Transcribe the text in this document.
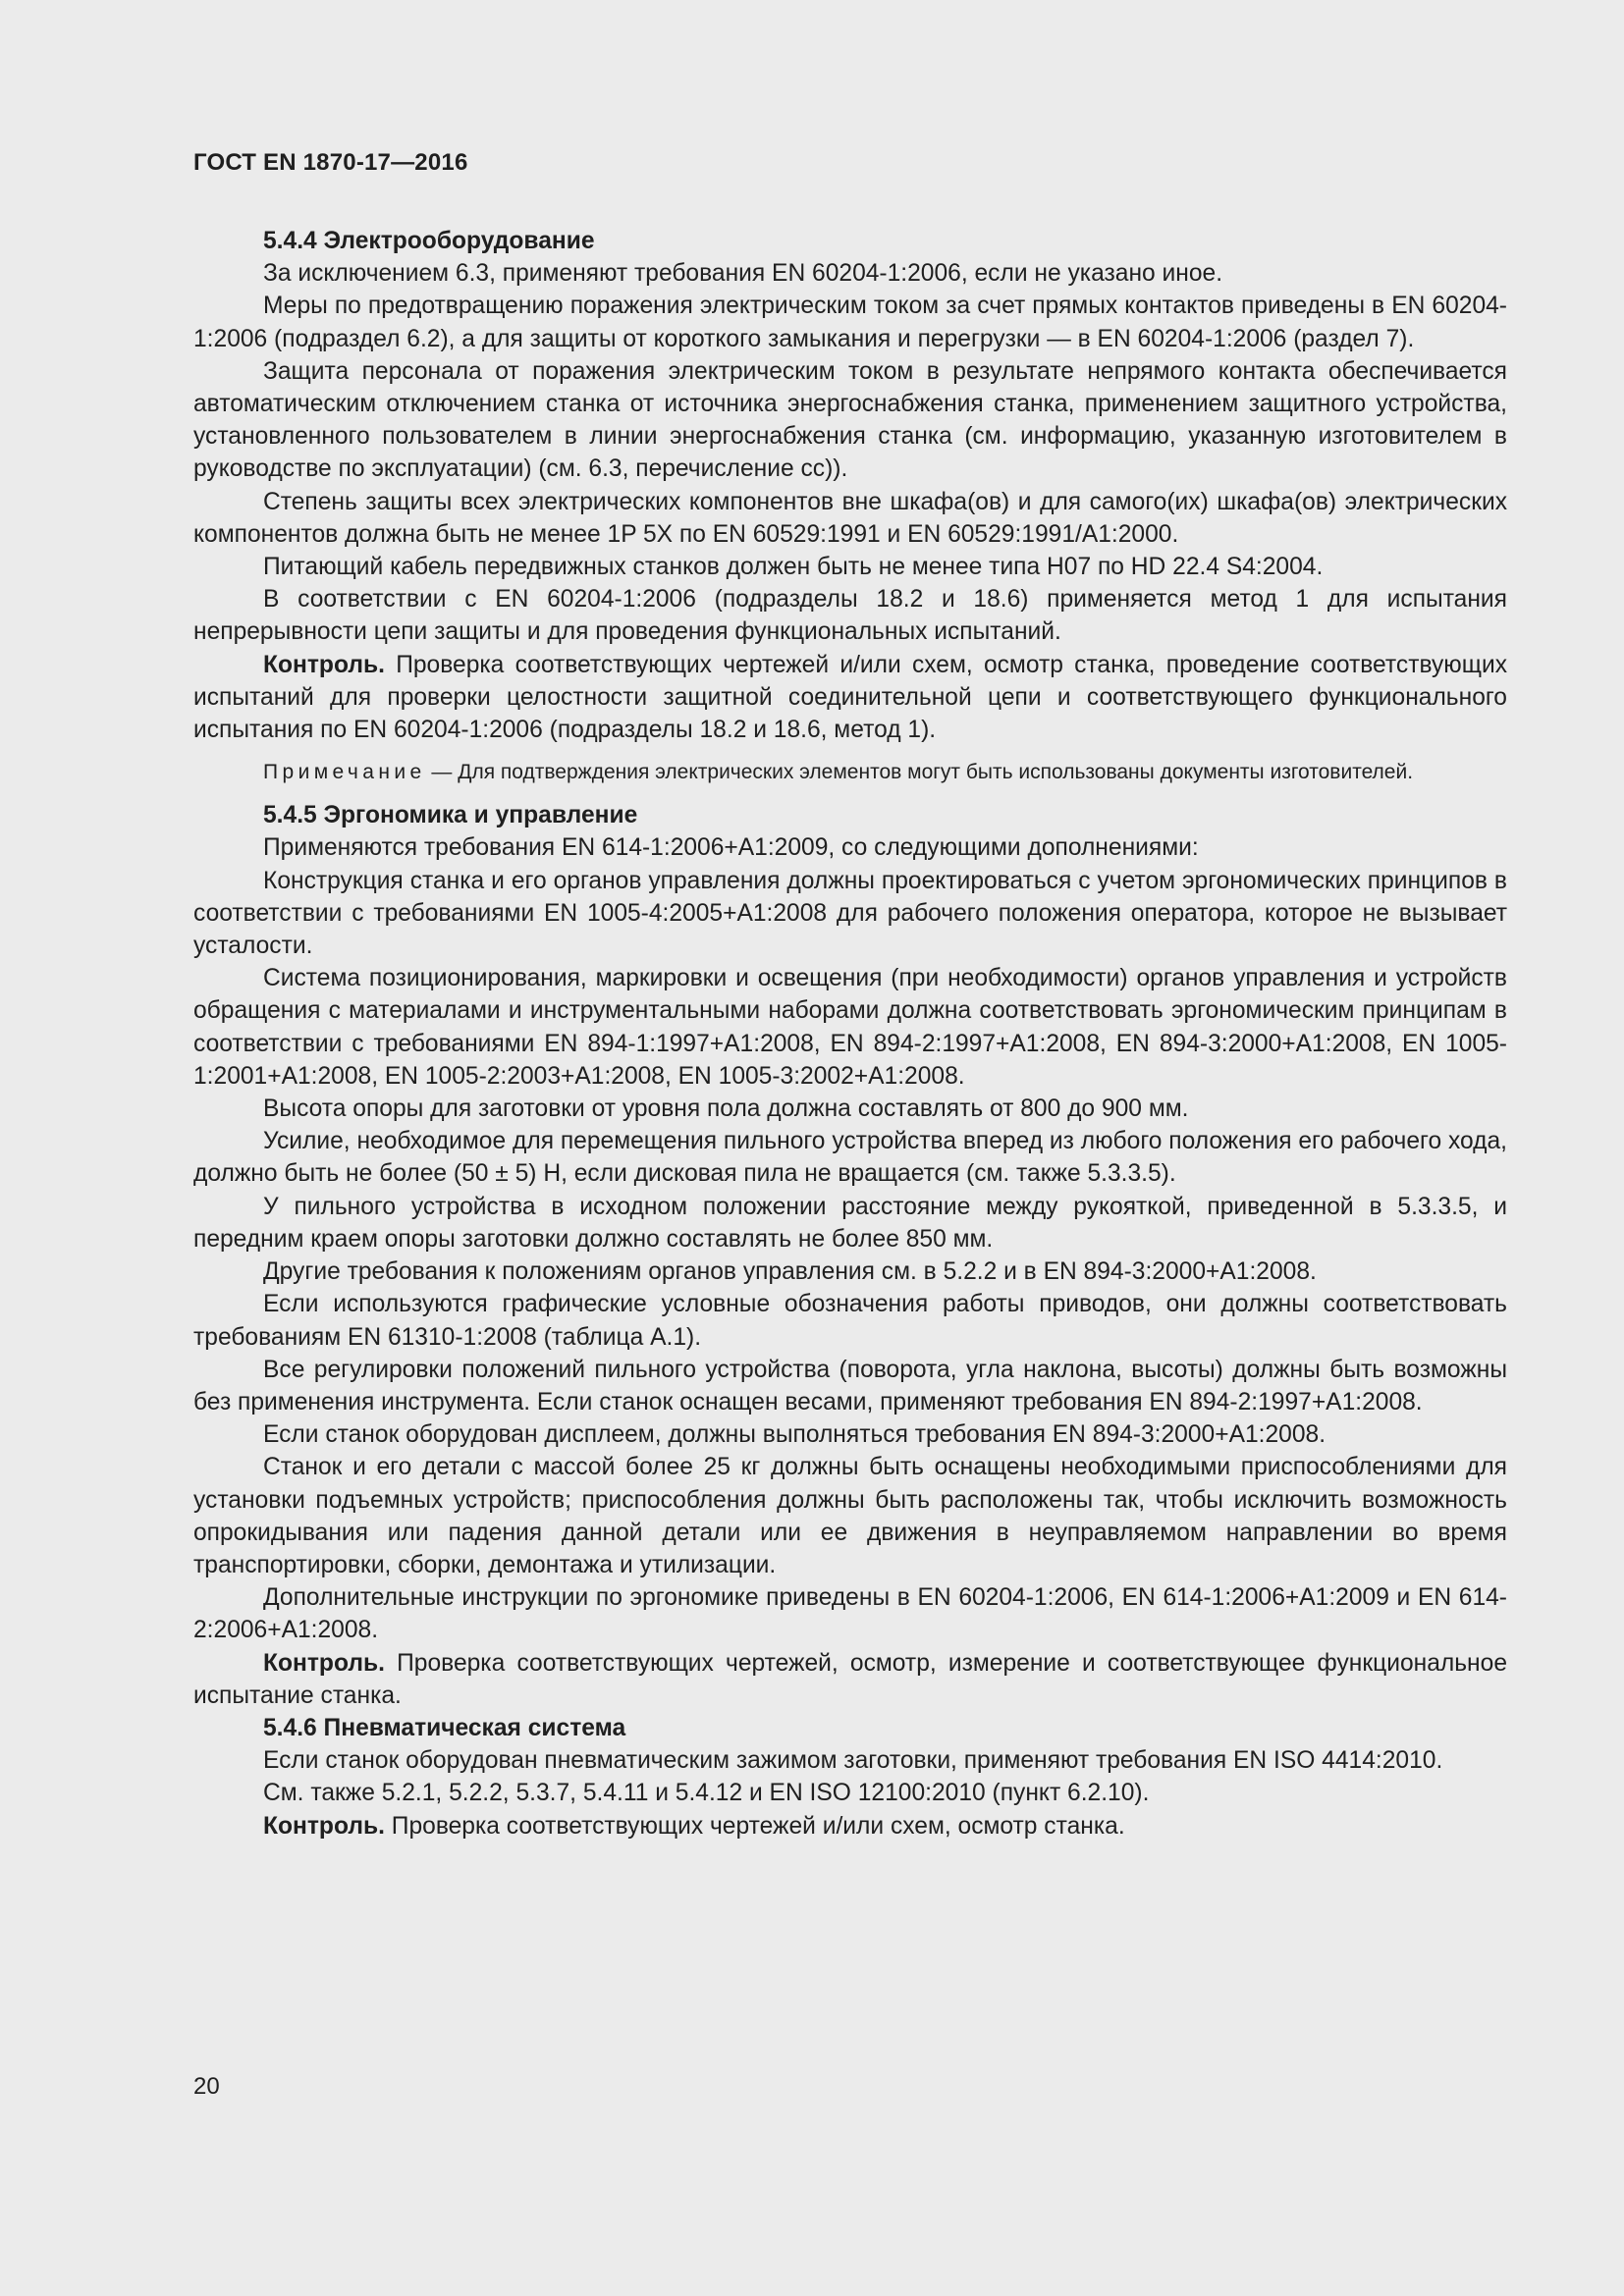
ГОСТ EN 1870-17—2016

5.4.4 Электрооборудование

За исключением 6.3, применяют требования EN 60204-1:2006, если не указано иное.

Меры по предотвращению поражения электрическим током за счет прямых контактов приведены в EN 60204-1:2006 (подраздел 6.2), а для защиты от короткого замыкания и перегрузки — в EN 60204-1:2006 (раздел 7).

Защита персонала от поражения электрическим током в результате непрямого контакта обеспечивается автоматическим отключением станка от источника энергоснабжения станка, применением защитного устройства, установленного пользователем в линии энергоснабжения станка (см. информацию, указанную изготовителем в руководстве по эксплуатации) (см. 6.3, перечисление cc)).

Степень защиты всех электрических компонентов вне шкафа(ов) и для самого(их) шкафа(ов) электрических компонентов должна быть не менее 1P 5X по EN 60529:1991 и EN 60529:1991/A1:2000.

Питающий кабель передвижных станков должен быть не менее типа H07 по HD 22.4 S4:2004.

В соответствии с EN 60204-1:2006 (подразделы 18.2 и 18.6) применяется метод 1 для испытания непрерывности цепи защиты и для проведения функциональных испытаний.

Контроль. Проверка соответствующих чертежей и/или схем, осмотр станка, проведение соответствующих испытаний для проверки целостности защитной соединительной цепи и соответствующего функционального испытания по EN 60204-1:2006 (подразделы 18.2 и 18.6, метод 1).

Примечание — Для подтверждения электрических элементов могут быть использованы документы изготовителей.

5.4.5 Эргономика и управление

Применяются требования EN 614-1:2006+A1:2009, со следующими дополнениями:

Конструкция станка и его органов управления должны проектироваться с учетом эргономических принципов в соответствии с требованиями EN 1005-4:2005+A1:2008 для рабочего положения оператора, которое не вызывает усталости.

Система позиционирования, маркировки и освещения (при необходимости) органов управления и устройств обращения с материалами и инструментальными наборами должна соответствовать эргономическим принципам в соответствии с требованиями EN 894-1:1997+A1:2008, EN 894-2:1997+A1:2008, EN 894-3:2000+A1:2008, EN 1005-1:2001+A1:2008, EN 1005-2:2003+A1:2008, EN 1005-3:2002+A1:2008.

Высота опоры для заготовки от уровня пола должна составлять от 800 до 900 мм.

Усилие, необходимое для перемещения пильного устройства вперед из любого положения его рабочего хода, должно быть не более (50 ± 5) H, если дисковая пила не вращается (см. также 5.3.3.5).

У пильного устройства в исходном положении расстояние между рукояткой, приведенной в 5.3.3.5, и передним краем опоры заготовки должно составлять не более 850 мм.

Другие требования к положениям органов управления см. в 5.2.2 и в EN 894-3:2000+A1:2008.

Если используются графические условные обозначения работы приводов, они должны соответствовать требованиям EN 61310-1:2008 (таблица A.1).

Все регулировки положений пильного устройства (поворота, угла наклона, высоты) должны быть возможны без применения инструмента. Если станок оснащен весами, применяют требования EN 894-2:1997+A1:2008.

Если станок оборудован дисплеем, должны выполняться требования EN 894-3:2000+A1:2008.

Станок и его детали с массой более 25 кг должны быть оснащены необходимыми приспособлениями для установки подъемных устройств; приспособления должны быть расположены так, чтобы исключить возможность опрокидывания или падения данной детали или ее движения в неуправляемом направлении во время транспортировки, сборки, демонтажа и утилизации.

Дополнительные инструкции по эргономике приведены в EN 60204-1:2006, EN 614-1:2006+A1:2009 и EN 614-2:2006+A1:2008.

Контроль. Проверка соответствующих чертежей, осмотр, измерение и соответствующее функциональное испытание станка.

5.4.6 Пневматическая система

Если станок оборудован пневматическим зажимом заготовки, применяют требования EN ISO 4414:2010.

См. также 5.2.1, 5.2.2, 5.3.7, 5.4.11 и 5.4.12 и EN ISO 12100:2010 (пункт 6.2.10).

Контроль. Проверка соответствующих чертежей и/или схем, осмотр станка.

20
